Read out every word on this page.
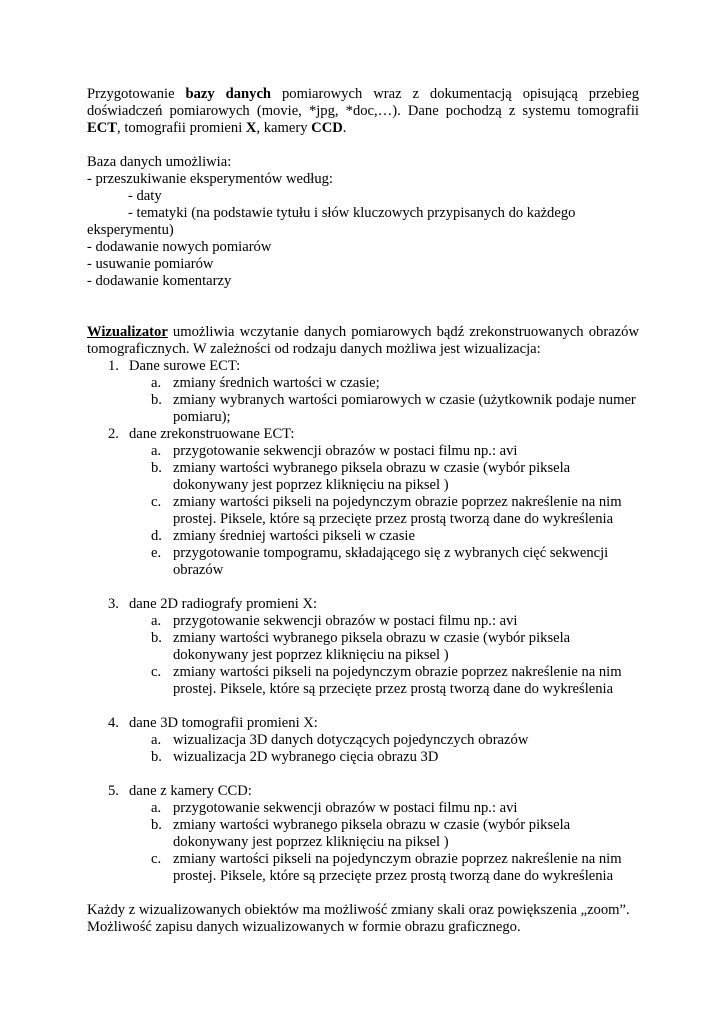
Przygotowanie bazy danych pomiarowych wraz z dokumentacją opisującą przebieg doświadczeń pomiarowych (movie, *jpg, *doc,…). Dane pochodzą z systemu tomografii ECT, tomografii promieni X, kamery CCD.

Baza danych umożliwia:

- przeszukiwanie eksperymentów według:

- daty

- tematyki (na podstawie tytułu i słów kluczowych przypisanych do każdego

eksperymentu)

- dodawanie nowych pomiarów

- usuwanie pomiarów

- dodawanie komentarzy

Wizualizator umożliwia wczytanie danych pomiarowych bądź zrekonstruowanych obrazów tomograficznych. W zależności od rodzaju danych możliwa jest wizualizacja:

1. Dane surowe ECT:

a. zmiany średnich wartości w czasie;

b. zmiany wybranych wartości pomiarowych w czasie (użytkownik podaje numer

pomiaru);

2. dane zrekonstruowane ECT:

a. przygotowanie sekwencji obrazów w postaci filmu np.: avi

b. zmiany wartości wybranego piksela obrazu w czasie (wybór piksela

dokonywany jest poprzez kliknięciu na piksel )

c. zmiany wartości pikseli na pojedynczym obrazie poprzez nakreślenie na nim

prostej. Piksele, które są przecięte przez prostą tworzą dane do wykreślenia

d. zmiany średniej wartości pikseli w czasie

e. przygotowanie tompogramu, składającego się z wybranych cięć sekwencji

obrazów

3. dane 2D radiografy promieni X:

a. przygotowanie sekwencji obrazów w postaci filmu np.: avi

b. zmiany wartości wybranego piksela obrazu w czasie (wybór piksela

dokonywany jest poprzez kliknięciu na piksel )

c. zmiany wartości pikseli na pojedynczym obrazie poprzez nakreślenie na nim

prostej. Piksele, które są przecięte przez prostą tworzą dane do wykreślenia

4. dane 3D tomografii promieni X:

a. wizualizacja 3D danych dotyczących pojedynczych obrazów

b. wizualizacja 2D wybranego cięcia obrazu 3D

5. dane z kamery CCD:

a. przygotowanie sekwencji obrazów w postaci filmu np.: avi

b. zmiany wartości wybranego piksela obrazu w czasie (wybór piksela

dokonywany jest poprzez kliknięciu na piksel )

c. zmiany wartości pikseli na pojedynczym obrazie poprzez nakreślenie na nim

prostej. Piksele, które są przecięte przez prostą tworzą dane do wykreślenia

Każdy z wizualizowanych obiektów ma możliwość zmiany skali oraz powiększenia „zoom”.

Możliwość zapisu danych wizualizowanych w formie obrazu graficznego.
